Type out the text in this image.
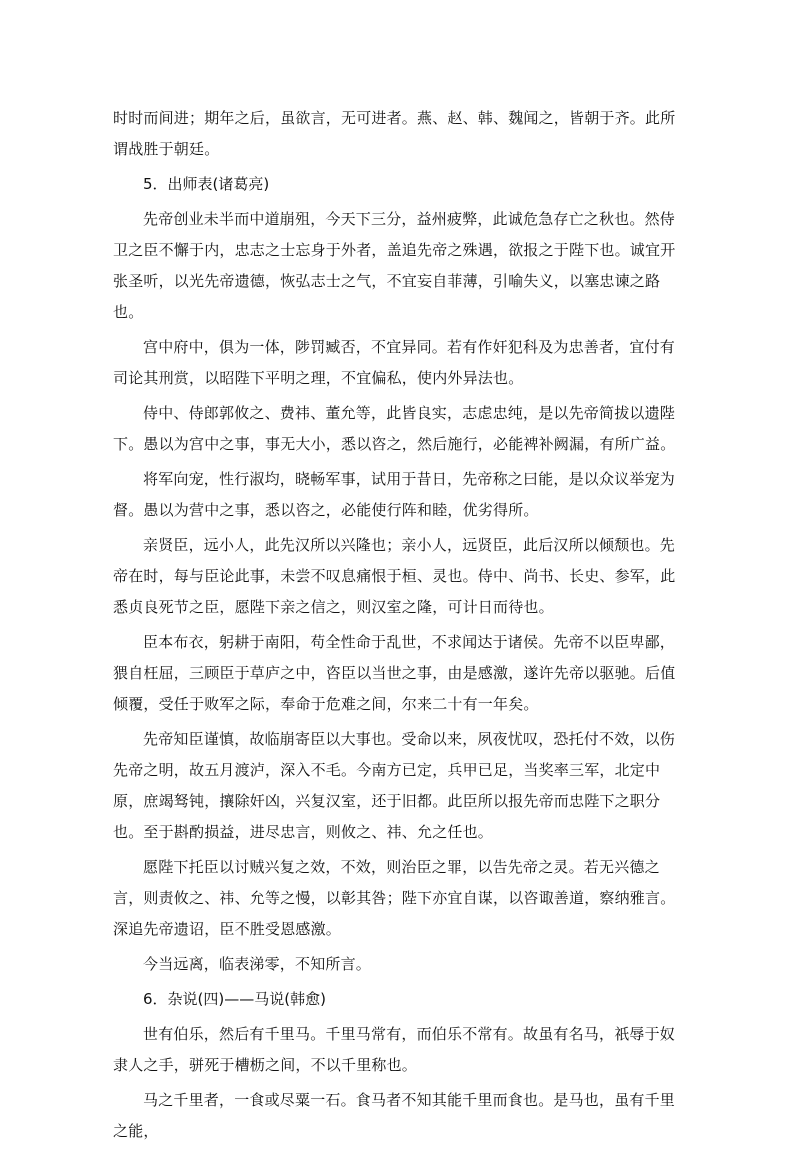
时时而间进；期年之后，虽欲言，无可进者。燕、赵、韩、魏闻之，皆朝于齐。此所谓战胜于朝廷。

5．出师表(诸葛亮)

先帝创业未半而中道崩殂，今天下三分，益州疲弊，此诚危急存亡之秋也。然侍卫之臣不懈于内，忠志之士忘身于外者，盖追先帝之殊遇，欲报之于陛下也。诚宜开张圣听，以光先帝遗德，恢弘志士之气，不宜妄自菲薄，引喻失义，以塞忠谏之路也。

宫中府中，俱为一体，陟罚臧否，不宜异同。若有作奸犯科及为忠善者，宜付有司论其刑赏，以昭陛下平明之理，不宜偏私，使内外异法也。

侍中、侍郎郭攸之、费祎、董允等，此皆良实，志虑忠纯，是以先帝简拔以遗陛下。愚以为宫中之事，事无大小，悉以咨之，然后施行，必能裨补阙漏，有所广益。

将军向宠，性行淑均，晓畅军事，试用于昔日，先帝称之曰能，是以众议举宠为督。愚以为营中之事，悉以咨之，必能使行阵和睦，优劣得所。

亲贤臣，远小人，此先汉所以兴隆也；亲小人，远贤臣，此后汉所以倾颓也。先帝在时，每与臣论此事，未尝不叹息痛恨于桓、灵也。侍中、尚书、长史、参军，此悉贞良死节之臣，愿陛下亲之信之，则汉室之隆，可计日而待也。

臣本布衣，躬耕于南阳，苟全性命于乱世，不求闻达于诸侯。先帝不以臣卑鄙，猥自枉屈，三顾臣于草庐之中，咨臣以当世之事，由是感激，遂许先帝以驱驰。后值倾覆，受任于败军之际，奉命于危难之间，尔来二十有一年矣。

先帝知臣谨慎，故临崩寄臣以大事也。受命以来，夙夜忧叹，恐托付不效，以伤先帝之明，故五月渡泸，深入不毛。今南方已定，兵甲已足，当奖率三军，北定中原，庶竭驽钝，攘除奸凶，兴复汉室，还于旧都。此臣所以报先帝而忠陛下之职分也。至于斟酌损益，进尽忠言，则攸之、祎、允之任也。

愿陛下托臣以讨贼兴复之效，不效，则治臣之罪，以告先帝之灵。若无兴德之言，则责攸之、祎、允等之慢，以彰其咎；陛下亦宜自谋，以咨诹善道，察纳雅言。深追先帝遗诏，臣不胜受恩感激。

今当远离，临表涕零，不知所言。

6．杂说(四)——马说(韩愈)

世有伯乐，然后有千里马。千里马常有，而伯乐不常有。故虽有名马，祇辱于奴隶人之手，骈死于槽枥之间，不以千里称也。

马之千里者，一食或尽粟一石。食马者不知其能千里而食也。是马也，虽有千里之能，
